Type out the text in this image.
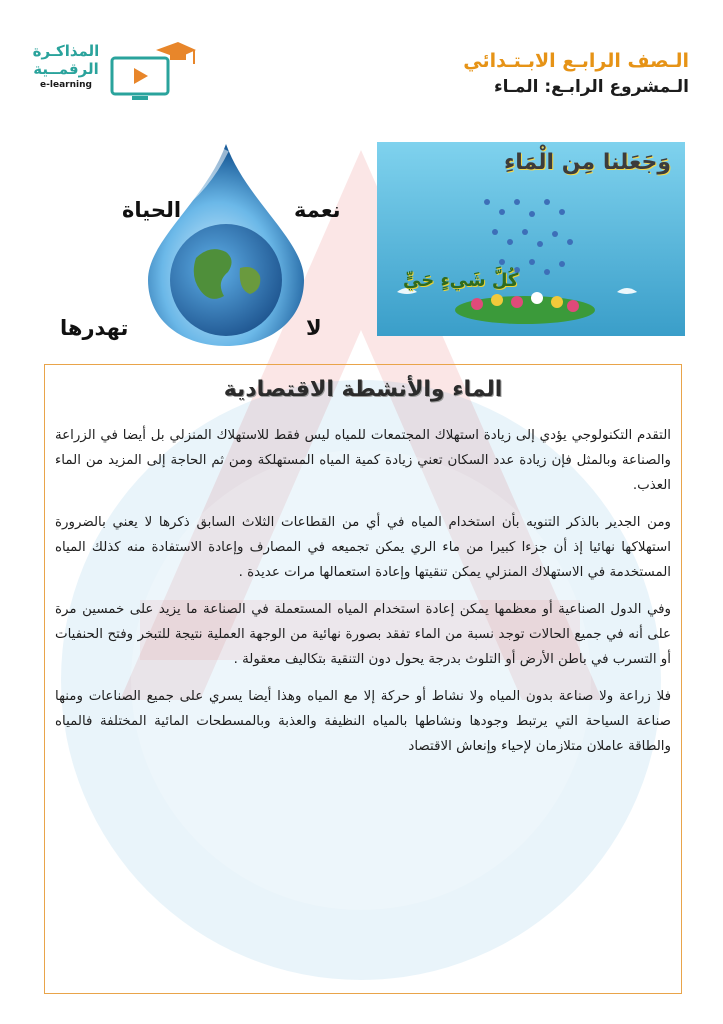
الـصف الرابـع الابـتـدائي
الـمشروع الرابـع: المـاء
المذاكـرة
الرقمــية
e-learning
وَجَعَلنا مِن الْمَاءِ
كُلَّ شَيءٍ حَيٍّ
نعمة
الحياة
لا
تهدرها
الماء والأنشطة الاقتصادية

التقدم التكنولوجي يؤدي إلى زيادة استهلاك المجتمعات للمياه ليس فقط للاستهلاك المنزلي بل أيضا في الزراعة والصناعة وبالمثل فإن زيادة عدد السكان تعني زيادة كمية المياه المستهلكة ومن ثم الحاجة إلى المزيد من الماء العذب.

ومن الجدير بالذكر التنويه بأن استخدام المياه في أي من القطاعات الثلاث السابق ذكرها لا يعني بالضرورة استهلاكها نهائيا إذ أن جزءا كبيرا من ماء الري يمكن تجميعه في المصارف وإعادة الاستفادة منه كذلك المياه المستخدمة في الاستهلاك المنزلي يمكن تنقيتها وإعادة استعمالها مرات عديدة .

وفي الدول الصناعية أو معظمها يمكن إعادة استخدام المياه المستعملة في الصناعة ما يزيد على خمسين مرة على أنه في جميع الحالات توجد نسبة من الماء تفقد بصورة نهائية من الوجهة العملية نتيجة للتبخر وفتح الحنفيات أو التسرب في باطن الأرض أو التلوث بدرجة يحول دون التنقية بتكاليف معقولة .

فلا زراعة ولا صناعة بدون المياه ولا نشاط أو حركة إلا مع المياه وهذا أيضا يسري على جميع الصناعات ومنها صناعة السياحة التي يرتبط وجودها ونشاطها بالمياه النظيفة والعذبة وبالمسطحات المائية المختلفة فالمياه والطاقة عاملان متلازمان لإحياء وإنعاش الاقتصاد
